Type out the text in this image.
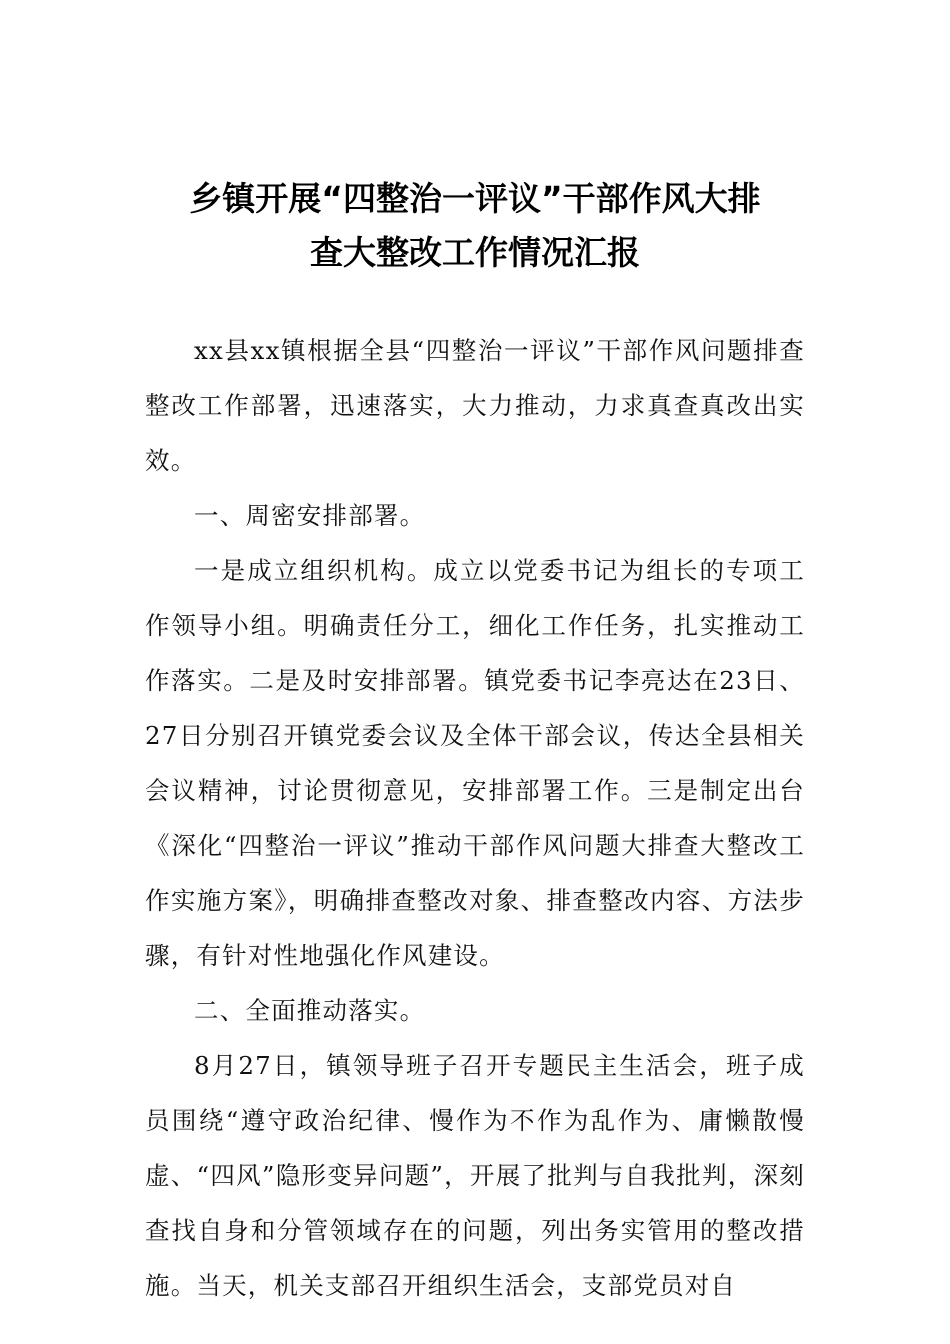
乡镇开展“四整治一评议”干部作风大排
查大整改工作情况汇报

xx县xx镇根据全县“四整治一评议”干部作风问题排查整改工作部署，迅速落实，大力推动，力求真查真改出实效。

一、周密安排部署。

一是成立组织机构。成立以党委书记为组长的专项工作领导小组。明确责任分工，细化工作任务，扎实推动工作落实。二是及时安排部署。镇党委书记李亮达在23日、27日分别召开镇党委会议及全体干部会议，传达全县相关会议精神，讨论贯彻意见，安排部署工作。三是制定出台《深化“四整治一评议”推动干部作风问题大排查大整改工作实施方案》，明确排查整改对象、排查整改内容、方法步骤，有针对性地强化作风建设。

二、全面推动落实。

8月27日，镇领导班子召开专题民主生活会，班子成员围绕“遵守政治纪律、慢作为不作为乱作为、庸懒散慢虚、“四风”隐形变异问题”，开展了批判与自我批判，深刻查找自身和分管领域存在的问题，列出务实管用的整改措施。当天，机关支部召开组织生活会，支部党员对自
